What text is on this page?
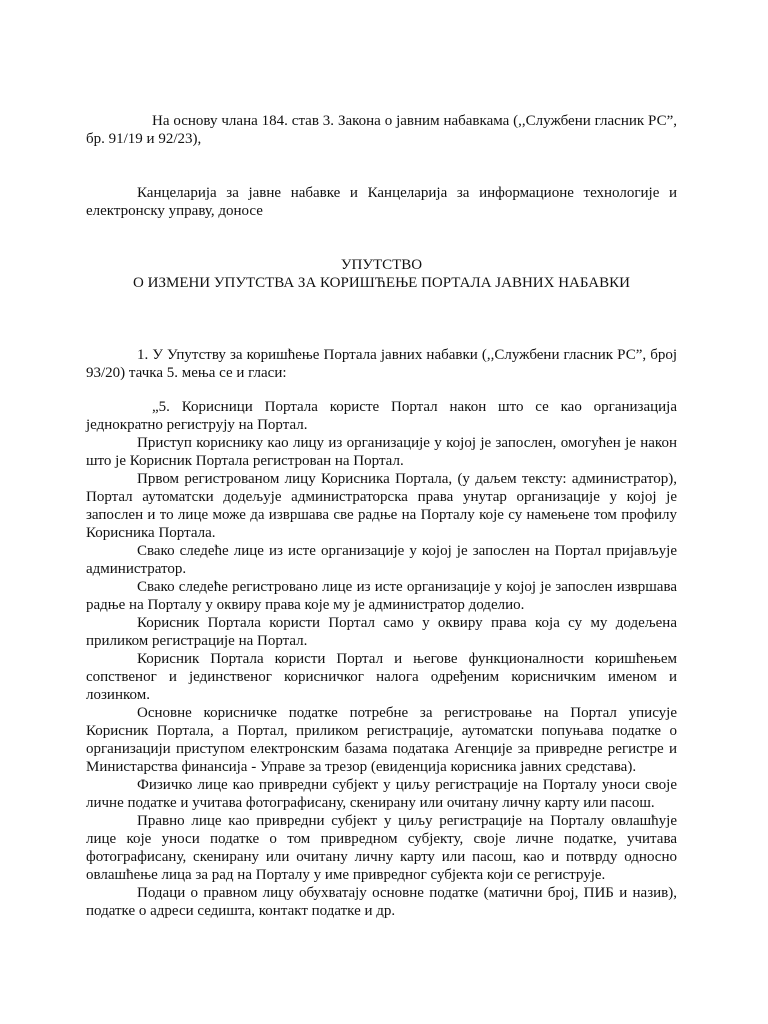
На основу члана 184. став 3. Закона о јавним набавкама (,,Службени гласник РС”, бр. 91/19 и 92/23),

Канцеларија за јавне набавке и Канцеларија за информационе технологије и електронску управу, доносе

УПУТСТВО

О ИЗМЕНИ УПУТСТВА ЗА КОРИШЋЕЊЕ ПОРТАЛА ЈАВНИХ НАБАВКИ

1. У Упутству за коришћење Портала јавних набавки (,,Службени гласник РС”, број 93/20) тачка 5. мења се и гласи:

„5. Корисници Портала користе Портал након што се као организација једнократно региструју на Портал.

Приступ кориснику као лицу из организације у којој је запослен, омогућен је након што је Корисник Портала регистрован на Портал.

Првом регистрованом лицу Корисника Портала, (у даљем тексту: администратор), Портал аутоматски додељује администраторска права унутар организације у којој је запослен и то лице може да извршава све радње на Порталу које су намењене том профилу Корисника Портала.

Свако следеће лице из исте организације у којој је запослен на Портал пријављује администратор.

Свако следеће регистровано лице из исте организације у којој је запослен извршава радње на Порталу у оквиру права које му је администратор доделио.

Корисник Портала користи Портал само у оквиру права која су му додељена приликом регистрације на Портал.

Корисник Портала користи Портал и његове функционалности коришћењем сопственог и јединственог корисничког налога одређеним корисничким именом и лозинком.

Основне корисничке податке потребне за регистровање на Портал уписује Корисник Портала, а Портал, приликом регистрације, аутоматски попуњава податке о организацији приступом електронским базама података Агенције за привредне регистре и Министарства финансија - Управе за трезор (евиденција корисника јавних средстава).

Физичко лице као привредни субјект у циљу регистрације на Порталу уноси своје личне податке и учитава фотографисану, скенирану или очитану личну карту или пасош.

Правно лице као привредни субјект у циљу регистрације на Порталу овлашћује лице које уноси податке о том привредном субјекту, своје личне податке, учитава фотографисану, скенирану или очитану личну карту или пасош, као и потврду односно овлашћење лица за рад на Порталу у име привредног субјекта који се региструје.

Подаци о правном лицу обухватају основне податке (матични број, ПИБ и назив), податке о адреси седишта, контакт податке и др.
